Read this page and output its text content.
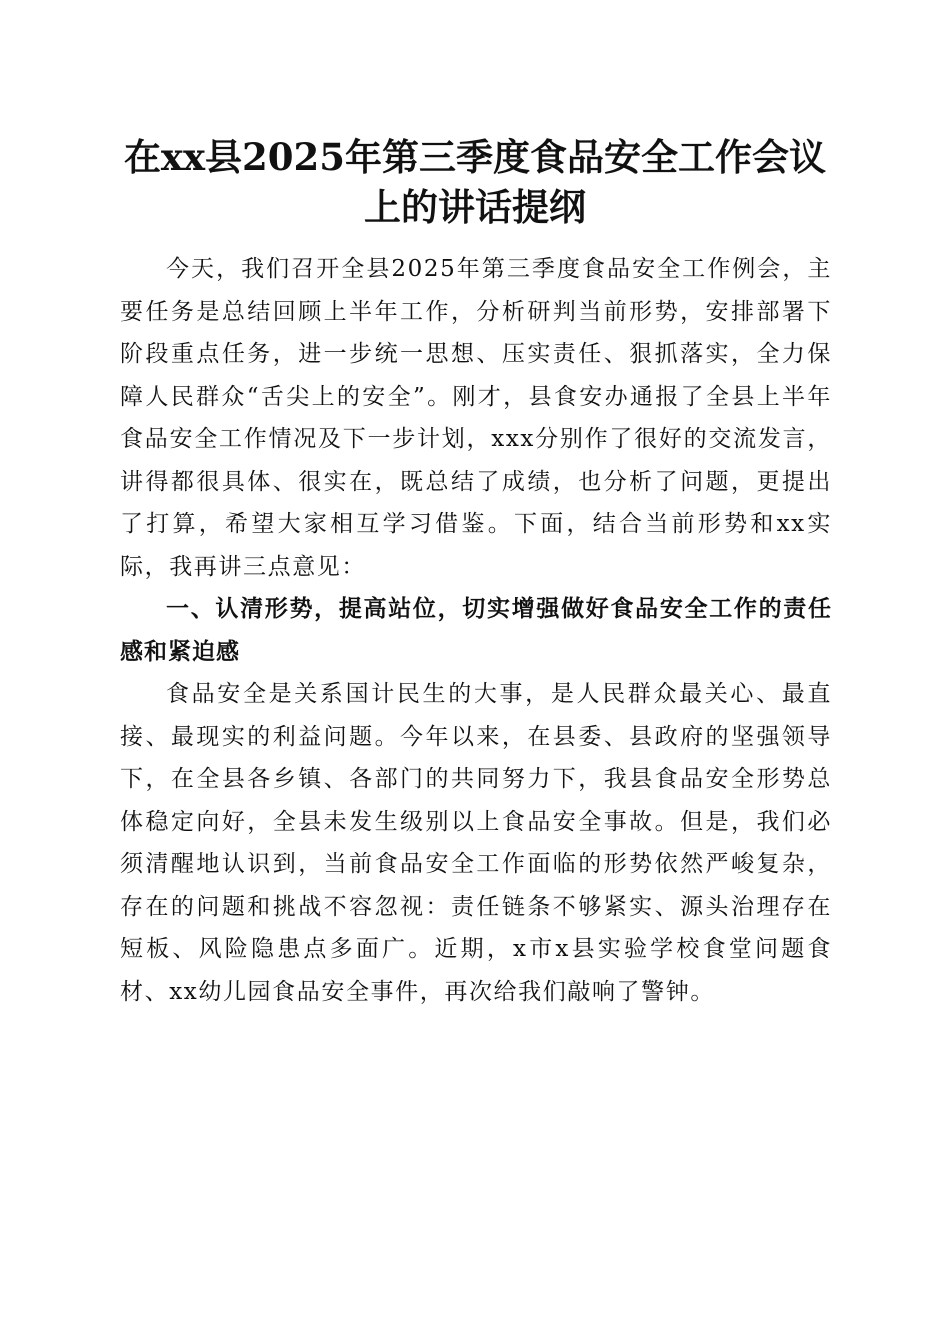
在xx县2025年第三季度食品安全工作会议上的讲话提纲

今天，我们召开全县2025年第三季度食品安全工作例会，主要任务是总结回顾上半年工作，分析研判当前形势，安排部署下阶段重点任务，进一步统一思想、压实责任、狠抓落实，全力保障人民群众“舌尖上的安全”。刚才，县食安办通报了全县上半年食品安全工作情况及下一步计划，xxx分别作了很好的交流发言，讲得都很具体、很实在，既总结了成绩，也分析了问题，更提出了打算，希望大家相互学习借鉴。下面，结合当前形势和xx实际，我再讲三点意见：

一、认清形势，提高站位，切实增强做好食品安全工作的责任感和紧迫感

食品安全是关系国计民生的大事，是人民群众最关心、最直接、最现实的利益问题。今年以来，在县委、县政府的坚强领导下，在全县各乡镇、各部门的共同努力下，我县食品安全形势总体稳定向好，全县未发生级别以上食品安全事故。但是，我们必须清醒地认识到，当前食品安全工作面临的形势依然严峻复杂，存在的问题和挑战不容忽视：责任链条不够紧实、源头治理存在短板、风险隐患点多面广。近期，x市x县实验学校食堂问题食材、xx幼儿园食品安全事件，再次给我们敲响了警钟。
